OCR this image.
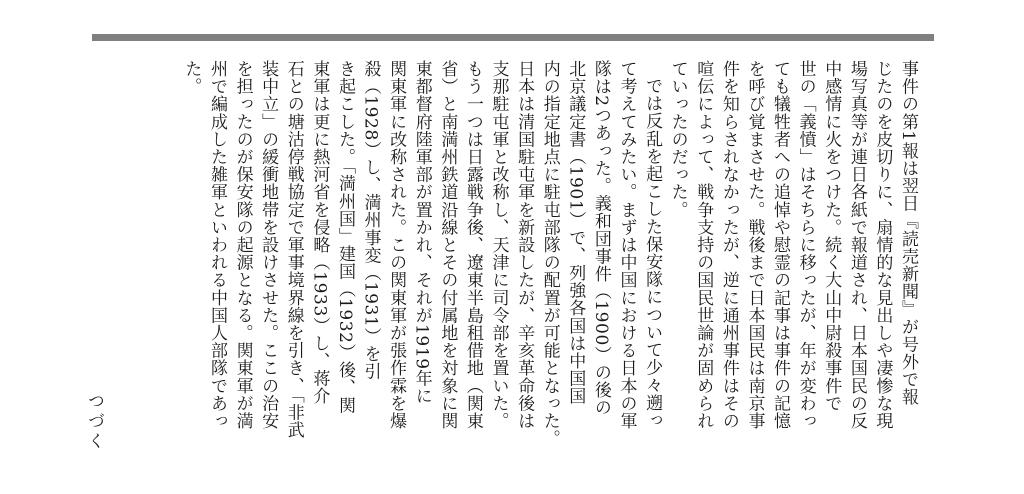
事件の第1報は翌日『読売新聞』が号外で報
じたのを皮切りに、扇情的な見出しや凄惨な現
場写真等が連日各紙で報道され、日本国民の反
中感情に火をつけた。続く大山中尉殺事件で
世の「義憤」はそちらに移ったが、年が変わっ
ても犠牲者への追悼や慰霊の記事は事件の記憶
を呼び覚まさせた。戦後まで日本国民は南京事
件を知らされなかったが、逆に通州事件はその
喧伝によって、戦争支持の国民世論が固められ
ていったのだった。

では反乱を起こした保安隊について少々遡っ
て考えてみたい。まずは中国における日本の軍
隊は2つあった。義和団事件（1900）の後の
北京議定書（1901）で、列強各国は中国国
内の指定地点に駐屯部隊の配置が可能となった。
日本は清国駐屯軍を新設したが、辛亥革命後は
支那駐屯軍と改称し、天津に司令部を置いた。
もう一つは日露戦争後、遼東半島租借地（関東
省）と南満州鉄道沿線とその付属地を対象に関
東都督府陸軍部が置かれ、それが1919年に
関東軍に改称された。この関東軍が張作霖を爆
殺（1928）し、満州事変（1931）を引
き起こした。「満州国」建国（1932）後、関
東軍は更に熱河省を侵略（1933）し、蒋介
石との塘沽停戦協定で軍事境界線を引き、「非武
装中立」の緩衝地帯を設けさせた。ここの治安
を担ったのが保安隊の起源となる。関東軍が満
州で編成した雑軍といわれる中国人部隊であっ
た。

つづく
